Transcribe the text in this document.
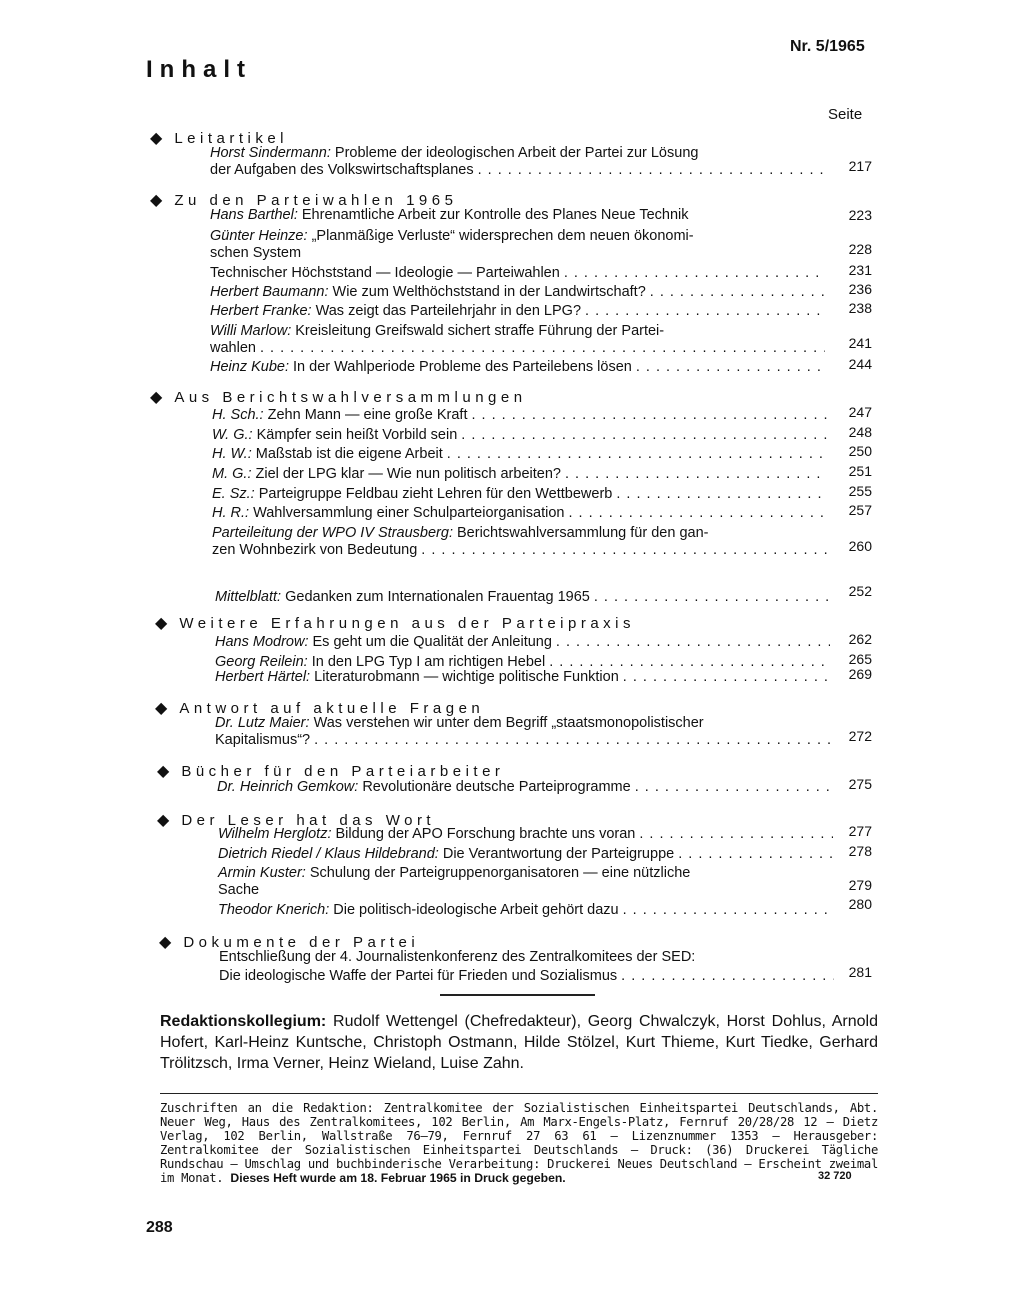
Nr. 5/1965
Inhalt
Seite
◆ Leitartikel
Horst Sindermann: Probleme der ideologischen Arbeit der Partei zur Lösung
der Aufgaben des Volkswirtschaftsplanes . . .	217
◆ Zu den Parteiwahlen 1965
Hans Barthel:
Ehrenamtliche Arbeit zur Kontrolle des Planes Neue Technik	223
Günter Heinze: „Planmäßige Verluste“ widersprechen dem neuen ökonomi-
schen System	228
Technischer Höchststand — Ideologie — Parteiwahlen . . .	231
Herbert Baumann:
Wie zum Welthöchststand in der Landwirtschaft? . . .	236
Herbert Franke:
Was zeigt das Parteilehrjahr in den LPG? . . .	238
Willi Marlow: Kreisleitung Greifswald sichert straffe Führung der Partei-
wahlen . . .	241
Heinz Kube:
In der Wahlperiode Probleme des Parteilebens lösen . . .	244
◆ Aus Berichtswahlversammlungen
H. Sch.:
Zehn Mann — eine große Kraft . . .	247
W. G.:
Kämpfer sein heißt Vorbild sein . . .	248
H. W.:
Maßstab ist die eigene Arbeit . . .	250
M. G.:
Ziel der LPG klar — Wie nun politisch arbeiten? . . .	251
E. Sz.:
Parteigruppe Feldbau zieht Lehren für den Wettbewerb . . .	255
H. R.:
Wahlversammlung einer Schulparteiorganisation . . .	257
Parteileitung der WPO IV Strausberg: Berichtswahlversammlung für den gan-
zen Wohnbezirk von Bedeutung . . .	260
Mittelblatt:
Gedanken zum Internationalen Frauentag 1965 . . .	252
◆ Weitere Erfahrungen aus der Parteipraxis
Hans Modrow:
Es geht um die Qualität der Anleitung . . .	262
Georg Reilein:
In den LPG Typ I am richtigen Hebel . . .	265
Herbert Härtel:
Literaturobmann — wichtige politische Funktion . . .	269
◆ Antwort auf aktuelle Fragen
Dr. Lutz Maier: Was verstehen wir unter dem Begriff „staatsmonopolistischer
Kapitalismus“? . . .	272
◆ Bücher für den Parteiarbeiter
Dr. Heinrich Gemkow:
Revolutionäre deutsche Parteiprogramme . . .	275
◆ Der Leser hat das Wort
Wilhelm Herglotz:
Bildung der APO Forschung brachte uns voran . . .	277
Dietrich Riedel / Klaus Hildebrand:
Die Verantwortung der Parteigruppe . . .	278
Armin Kuster: Schulung der Parteigruppenorganisatoren — eine nützliche
Sache	279
Theodor Knerich:
Die politisch-ideologische Arbeit gehört dazu . . .	280
◆ Dokumente der Partei
Entschließung der 4. Journalistenkonferenz des Zentralkomitees der SED:
Die ideologische Waffe der Partei für Frieden und Sozialismus . . .	281
Redaktionskollegium: Rudolf Wettengel (Chefredakteur), Georg Chwalczyk, Horst Dohlus, Arnold Hofert, Karl-Heinz Kuntsche, Christoph Ostmann, Hilde Stölzel, Kurt Thieme, Kurt Tiedke, Gerhard Trölitzsch, Irma Verner, Heinz Wieland, Luise Zahn.
Zuschriften an die Redaktion: Zentralkomitee der Sozialistischen Einheitspartei Deutschlands, Abt. Neuer Weg, Haus des Zentralkomitees, 102 Berlin, Am Marx-Engels-Platz, Fernruf 20/28/28 12 — Dietz Verlag, 102 Berlin, Wallstraße 76—79, Fernruf 27 63 61 — Lizenznummer 1353 — Herausgeber: Zentralkomitee der Sozialistischen Einheitspartei Deutschlands — Druck: (36) Druckerei Tägliche Rundschau — Umschlag und buchbinderische Verarbeitung: Druckerei Neues Deutschland — Erscheint zweimal im Monat. Dieses Heft wurde am 18. Februar 1965 in Druck gegeben.	32 720
288
